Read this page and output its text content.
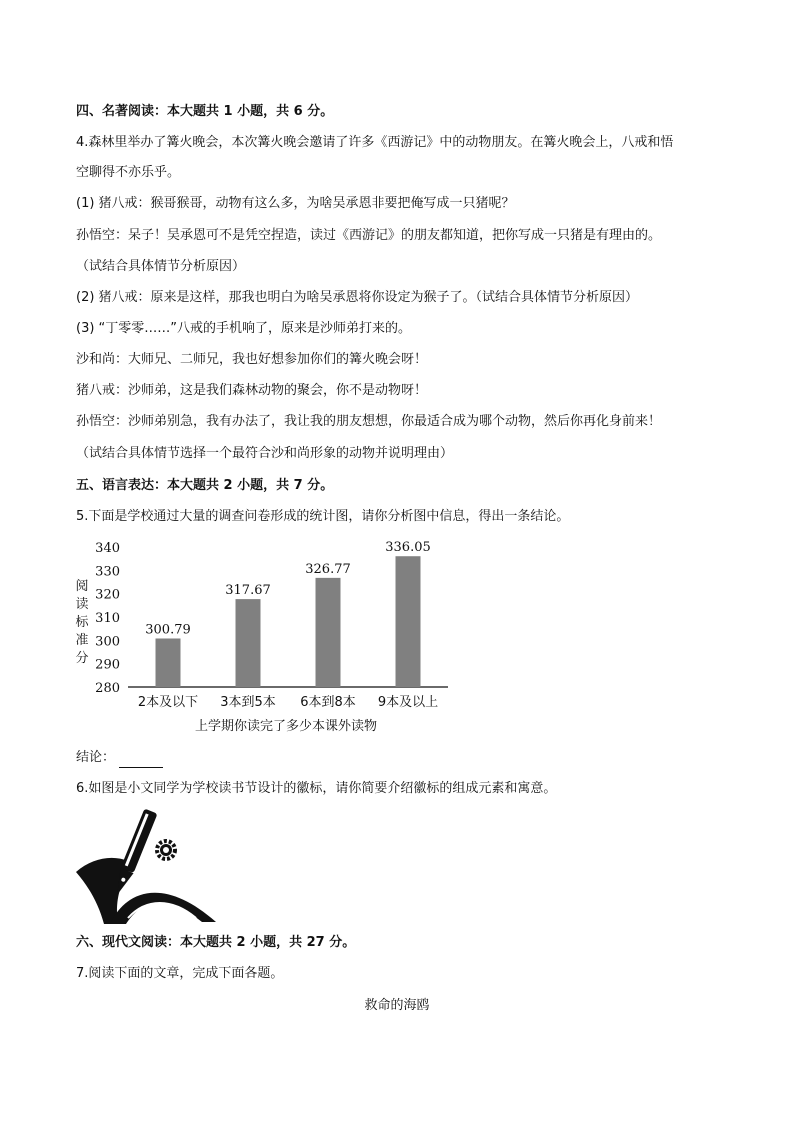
四、名著阅读：本大题共 1 小题，共 6 分。
4.森林里举办了篝火晚会，本次篝火晚会邀请了许多《西游记》中的动物朋友。在篝火晚会上，八戒和悟
空聊得不亦乐乎。
(1) 猪八戒：猴哥猴哥，动物有这么多，为啥吴承恩非要把俺写成一只猪呢？
孙悟空：呆子！吴承恩可不是凭空捏造，读过《西游记》的朋友都知道，把你写成一只猪是有理由的。
（试结合具体情节分析原因）
(2) 猪八戒：原来是这样，那我也明白为啥吴承恩将你设定为猴子了。（试结合具体情节分析原因）
(3) “丁零零……”八戒的手机响了，原来是沙师弟打来的。
沙和尚：大师兄、二师兄，我也好想参加你们的篝火晚会呀！
猪八戒：沙师弟，这是我们森林动物的聚会，你不是动物呀！
孙悟空：沙师弟别急，我有办法了，我让我的朋友想想，你最适合成为哪个动物，然后你再化身前来！
（试结合具体情节选择一个最符合沙和尚形象的动物并说明理由）
五、语言表达：本大题共 2 小题，共 7 分。
5.下面是学校通过大量的调查问卷形成的统计图，请你分析图中信息，得出一条结论。
阅
读
标
准
分
280
290
300
310
320
330
340
300.79
317.67
326.77
336.05
2本及以下 3本到5本 6本到8本 9本及以上
上学期你读完了多少本课外读物
结论：
6.如图是小文同学为学校读书节设计的徽标，请你简要介绍徽标的组成元素和寓意。
六、现代文阅读：本大题共 2 小题，共 27 分。
7.阅读下面的文章，完成下面各题。
救命的海鸥
